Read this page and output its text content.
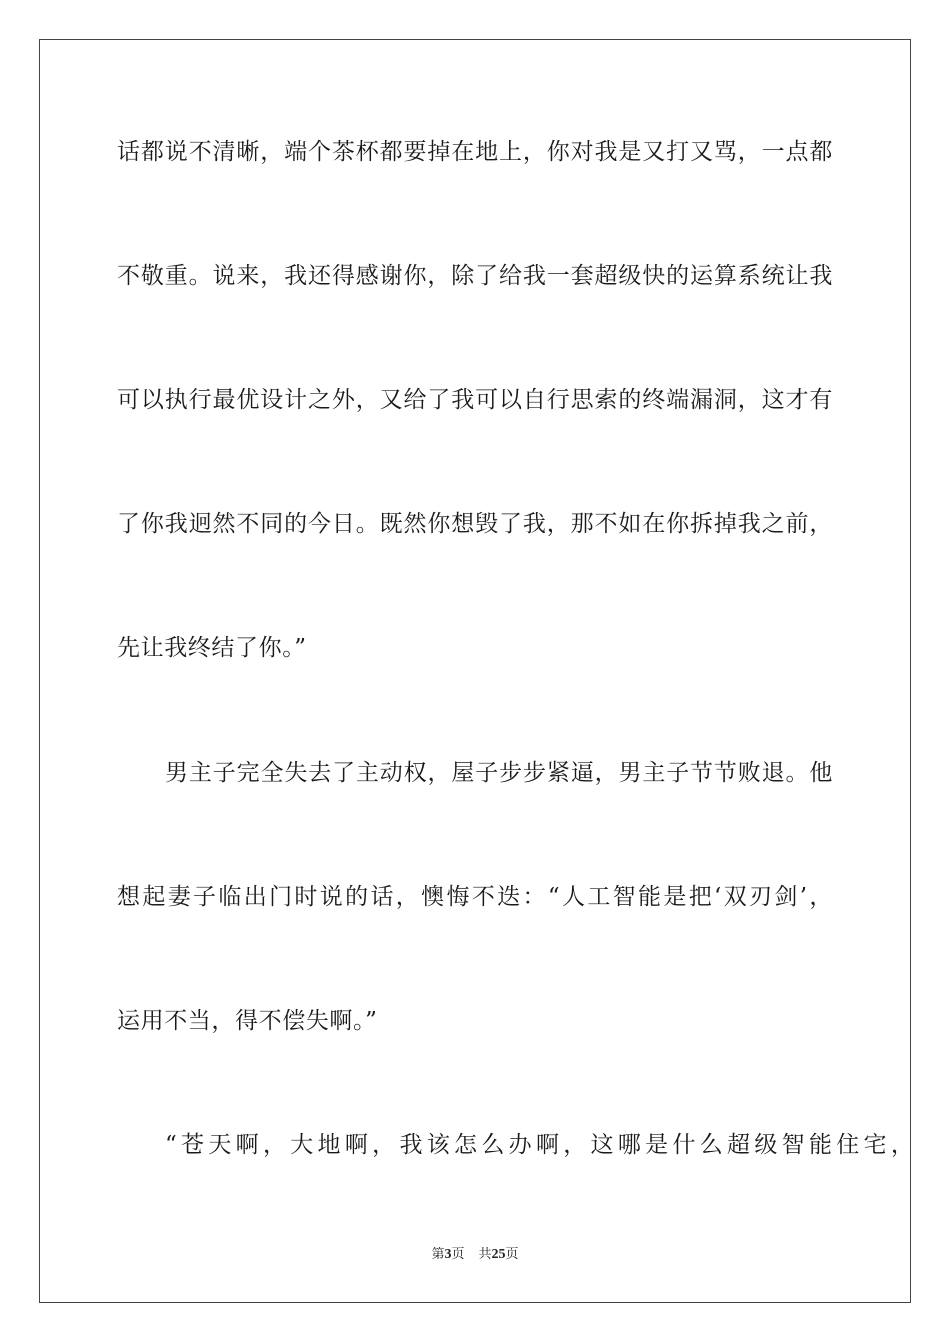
话都说不清晰，端个茶杯都要掉在地上，你对我是又打又骂，一点都
不敬重。说来，我还得感谢你，除了给我一套超级快的运算系统让我
可以执行最优设计之外，又给了我可以自行思索的终端漏洞，这才有
了你我迥然不同的今日。既然你想毁了我，那不如在你拆掉我之前，
先让我终结了你。”
男主子完全失去了主动权，屋子步步紧逼，男主子节节败退。他
想起妻子临出门时说的话，懊悔不迭：“人工智能是把‘双刃剑’，
运用不当，得不偿失啊。”
“苍天啊，大地啊，我该怎么办啊，这哪是什么超级智能住宅，
第3页 共25页
